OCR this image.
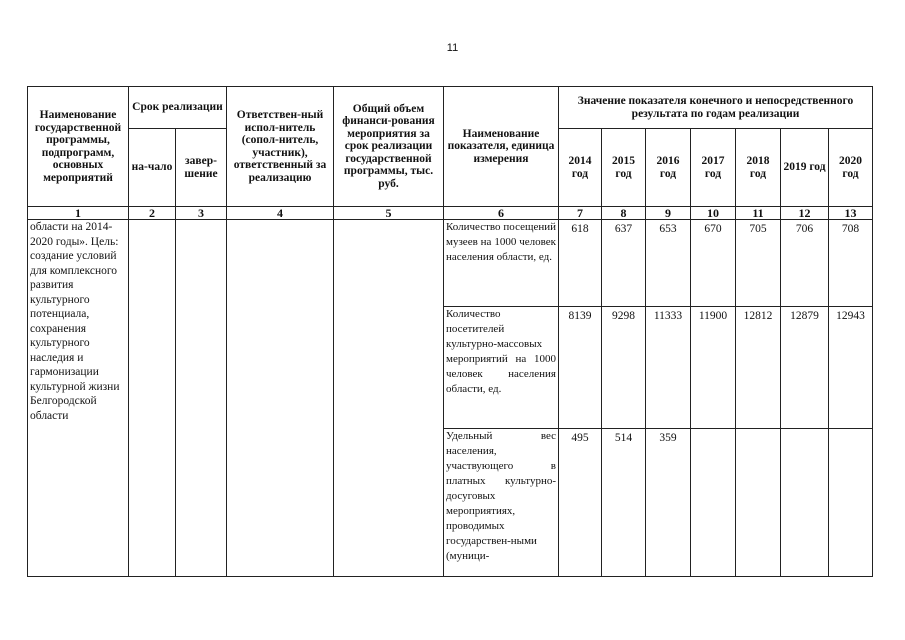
11
Наименование государственной программы, подпрограмм, основных мероприятий	Срок реализации		Ответствен-ный испол-нитель (сопол-нитель, участник), ответственный за реализацию	Общий объем финанси-рования мероприятия за срок реализации государственной программы, тыс. руб.	Наименование показателя, единица измерения	Значение показателя конечного и непосредственного результата по годам реализации						
	на-чало	завер-шение				2014 год	2015 год	2016 год	2017 год	2018 год	2019 год	2020 год
1	2	3	4	5	6	7	8	9	10	11	12	13
области на 2014-2020 годы». Цель: создание условий для комплексного развития культурного потенциала, сохранения культурного наследия и гармонизации культурной жизни Белгородской области					Количество посещений музеев на 1000 человек населения области, ед.	618	637	653	670	705	706	708
					Количество посетителей культурно-массовых мероприятий на 1000 человек населения области, ед.	8139	9298	11333	11900	12812	12879	12943
					Удельный вес населения, участвующего в платных культурно-досуговых мероприятиях, проводимых государствен-ными (муници-	495	514	359				
